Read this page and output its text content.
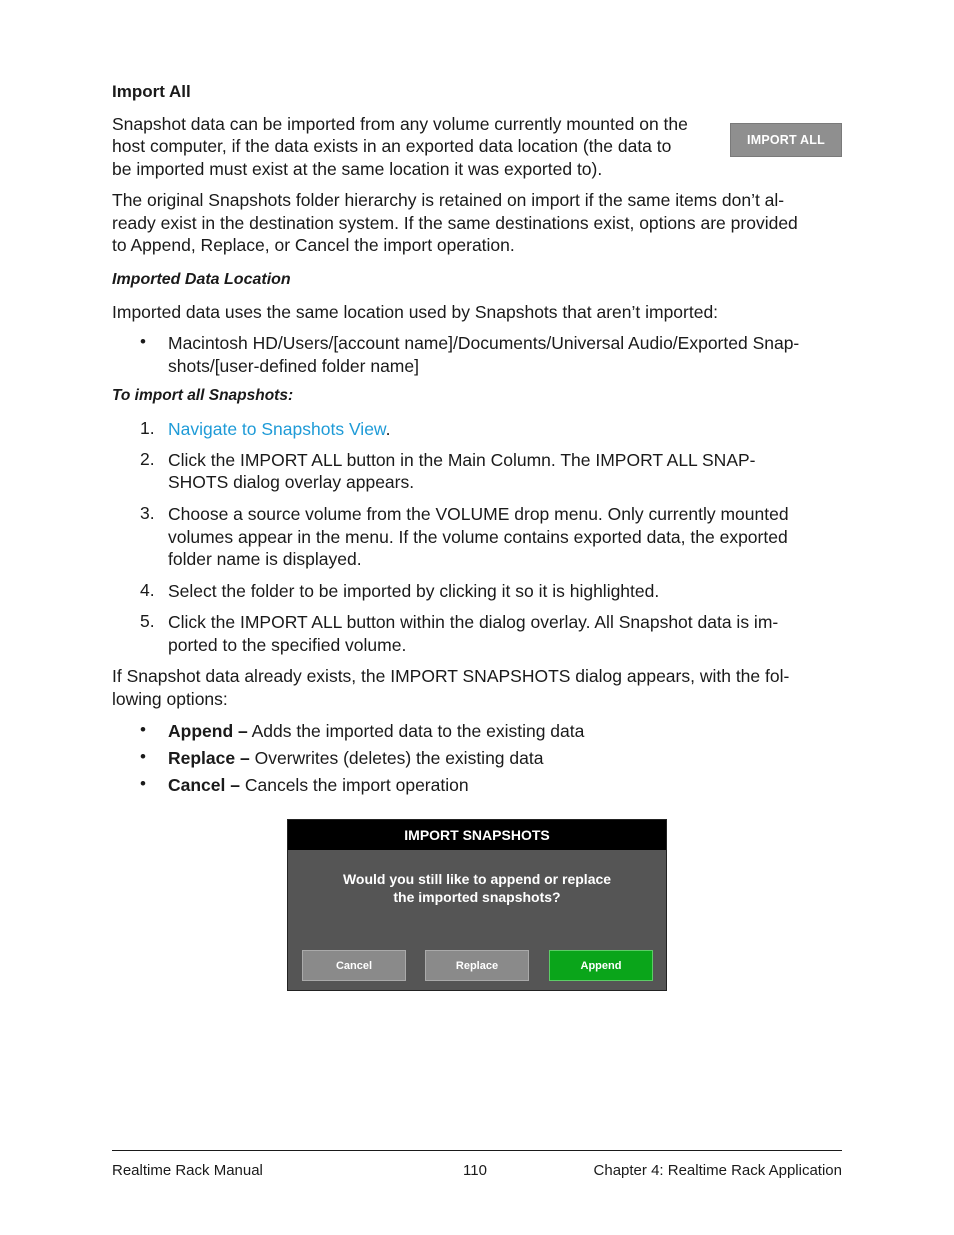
Import All

Snapshot data can be imported from any volume currently mounted on the

host computer, if the data exists in an exported data location (the data to

be imported must exist at the same location it was exported to).

The original Snapshots folder hierarchy is retained on import if the same items don’t al-

ready exist in the destination system. If the same destinations exist, options are provided

to Append, Replace, or Cancel the import operation.

Imported Data Location

Imported data uses the same location used by Snapshots that aren’t imported:

• Macintosh HD/Users/[account name]/Documents/Universal Audio/Exported Snap-

shots/[user-defined folder name]

To import all Snapshots:
1. Navigate to Snapshots View.

2. Click the IMPORT ALL button in the Main Column. The IMPORT ALL SNAP-

SHOTS dialog overlay appears.

3. Choose a source volume from the VOLUME drop menu. Only currently mounted

volumes appear in the menu. If the volume contains exported data, the exported

folder name is displayed.

4. Select the folder to be imported by clicking it so it is highlighted.

5. Click the IMPORT ALL button within the dialog overlay. All Snapshot data is im-

ported to the specified volume.

If Snapshot data already exists, the IMPORT SNAPSHOTS dialog appears, with the fol-

lowing options:

• Append – Adds the imported data to the existing data

• Replace – Overwrites (deletes) the existing data

• Cancel – Cancels the import operation

IMPORT ALL
IMPORT SNAPSHOTS
Would you still like to append or replace
the imported snapshots?
Cancel	Replace	Append
Realtime Rack Manual	110	Chapter 4: Realtime Rack Application
